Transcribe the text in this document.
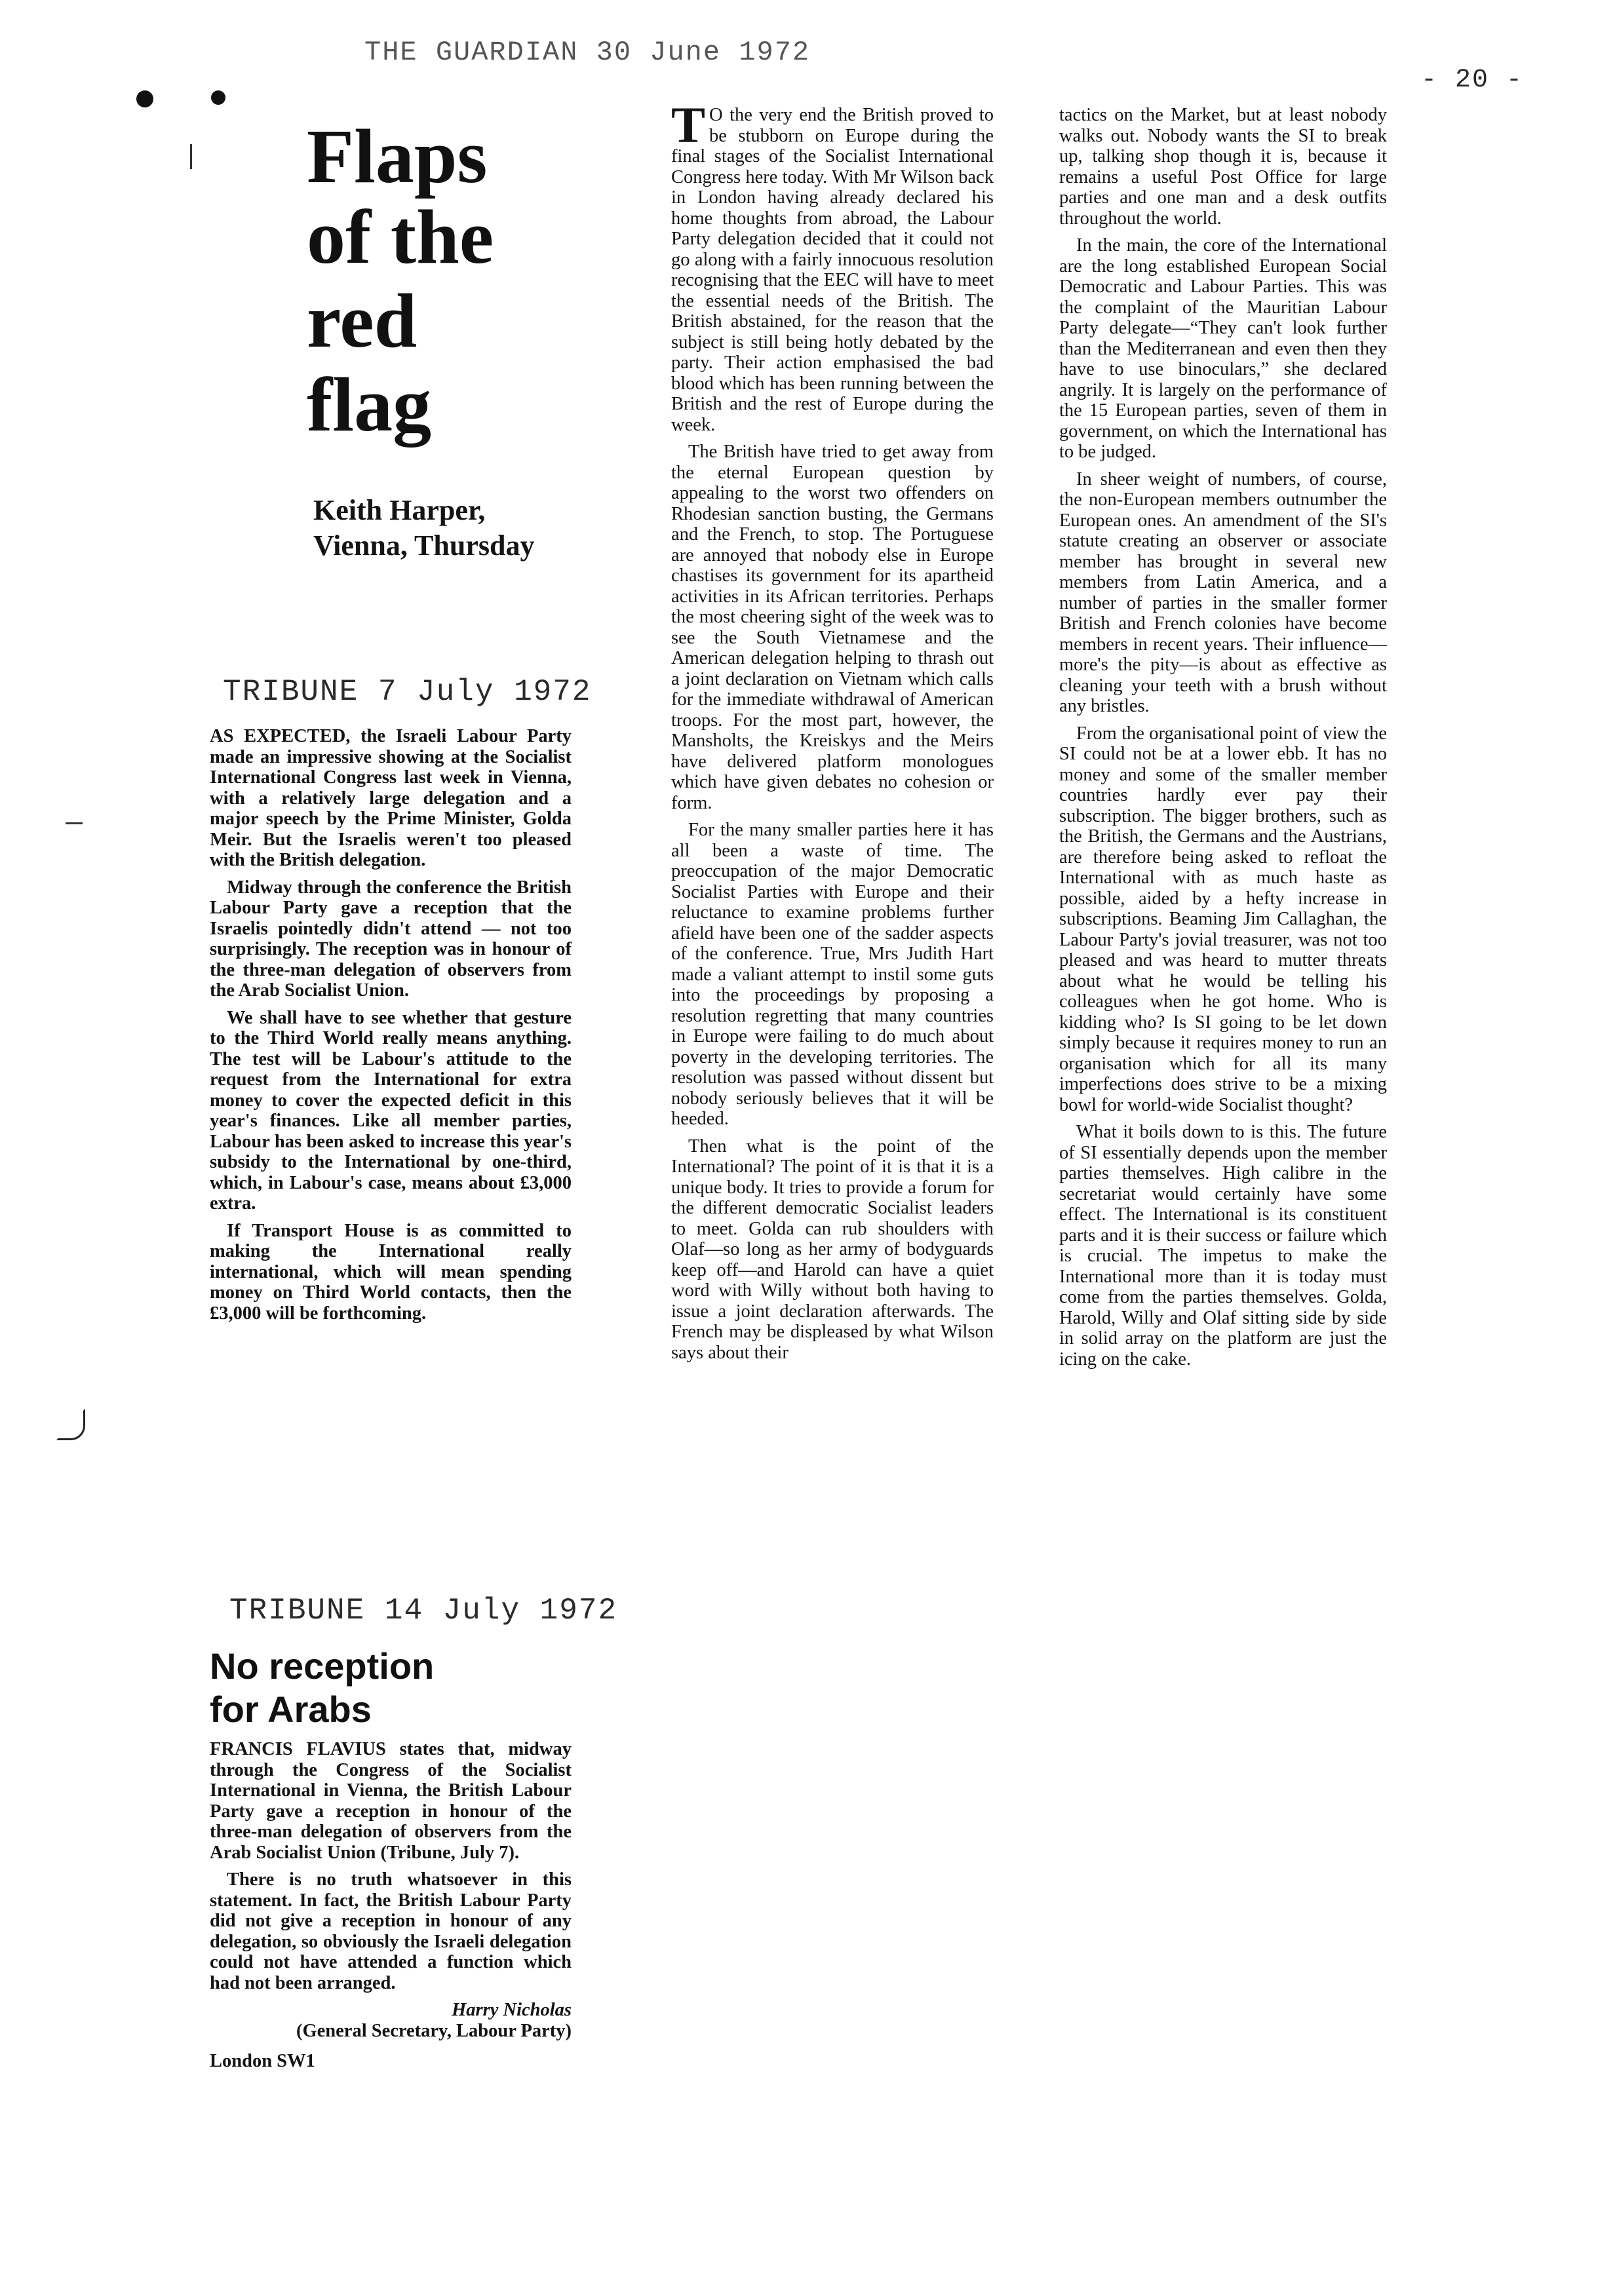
THE GUARDIAN 30 June 1972
- 20 -
Flaps
of the
red
flag
Keith Harper,
Vienna, Thursday
TRIBUNE 7 July 1972

AS EXPECTED, the Israeli Labour Party made an impressive showing at the Socialist International Congress last week in Vienna, with a relatively large delegation and a major speech by the Prime Minister, Golda Meir. But the Israelis weren't too pleased with the British delegation.

Midway through the conference the British Labour Party gave a reception that the Israelis pointedly didn't attend — not too surprisingly. The reception was in honour of the three-man delegation of observers from the Arab Socialist Union.

We shall have to see whether that gesture to the Third World really means anything. The test will be Labour's attitude to the request from the International for extra money to cover the expected deficit in this year's finances. Like all member parties, Labour has been asked to increase this year's subsidy to the International by one-third, which, in Labour's case, means about £3,000 extra.

If Transport House is as committed to making the International really international, which will mean spending money on Third World contacts, then the £3,000 will be forthcoming.

TRIBUNE 14 July 1972
No reception
for Arabs

FRANCIS FLAVIUS states that, midway through the Congress of the Socialist International in Vienna, the British Labour Party gave a reception in honour of the three-man delegation of observers from the Arab Socialist Union (Tribune, July 7).

There is no truth whatsoever in this statement. In fact, the British Labour Party did not give a reception in honour of any delegation, so obviously the Israeli delegation could not have attended a function which had not been arranged.

Harry Nicholas
(General Secretary, Labour Party)
London SW1

T O the very end the British proved to be stubborn on Europe during the final stages of the Socialist International Congress here today. With Mr Wilson back in London having already declared his home thoughts from abroad, the Labour Party delegation decided that it could not go along with a fairly innocuous resolution recognising that the EEC will have to meet the essential needs of the British. The British abstained, for the reason that the subject is still being hotly debated by the party. Their action emphasised the bad blood which has been running between the British and the rest of Europe during the week.

The British have tried to get away from the eternal European question by appealing to the worst two offenders on Rhodesian sanction busting, the Germans and the French, to stop. The Portuguese are annoyed that nobody else in Europe chastises its government for its apartheid activities in its African territories. Perhaps the most cheering sight of the week was to see the South Vietnamese and the American delegation helping to thrash out a joint declaration on Vietnam which calls for the immediate withdrawal of American troops. For the most part, however, the Mansholts, the Kreiskys and the Meirs have delivered platform monologues which have given debates no cohesion or form.

For the many smaller parties here it has all been a waste of time. The preoccupation of the major Democratic Socialist Parties with Europe and their reluctance to examine problems further afield have been one of the sadder aspects of the conference. True, Mrs Judith Hart made a valiant attempt to instil some guts into the proceedings by proposing a resolution regretting that many countries in Europe were failing to do much about poverty in the developing territories. The resolution was passed without dissent but nobody seriously believes that it will be heeded.

Then what is the point of the International? The point of it is that it is a unique body. It tries to provide a forum for the different democratic Socialist leaders to meet. Golda can rub shoulders with Olaf—so long as her army of bodyguards keep off—and Harold can have a quiet word with Willy without both having to issue a joint declaration afterwards. The French may be displeased by what Wilson says about their

tactics on the Market, but at least nobody walks out. Nobody wants the SI to break up, talking shop though it is, because it remains a useful Post Office for large parties and one man and a desk outfits throughout the world.

In the main, the core of the International are the long established European Social Democratic and Labour Parties. This was the complaint of the Mauritian Labour Party delegate—“They can't look further than the Mediterranean and even then they have to use binoculars,” she declared angrily. It is largely on the performance of the 15 European parties, seven of them in government, on which the International has to be judged.

In sheer weight of numbers, of course, the non-European members outnumber the European ones. An amendment of the SI's statute creating an observer or associate member has brought in several new members from Latin America, and a number of parties in the smaller former British and French colonies have become members in recent years. Their influence—more's the pity—is about as effective as cleaning your teeth with a brush without any bristles.

From the organisational point of view the SI could not be at a lower ebb. It has no money and some of the smaller member countries hardly ever pay their subscription. The bigger brothers, such as the British, the Germans and the Austrians, are therefore being asked to refloat the International with as much haste as possible, aided by a hefty increase in subscriptions. Beaming Jim Callaghan, the Labour Party's jovial treasurer, was not too pleased and was heard to mutter threats about what he would be telling his colleagues when he got home. Who is kidding who? Is SI going to be let down simply because it requires money to run an organisation which for all its many imperfections does strive to be a mixing bowl for world-wide Socialist thought?

What it boils down to is this. The future of SI essentially depends upon the member parties themselves. High calibre in the secretariat would certainly have some effect. The International is its constituent parts and it is their success or failure which is crucial. The impetus to make the International more than it is today must come from the parties themselves. Golda, Harold, Willy and Olaf sitting side by side in solid array on the platform are just the icing on the cake.
